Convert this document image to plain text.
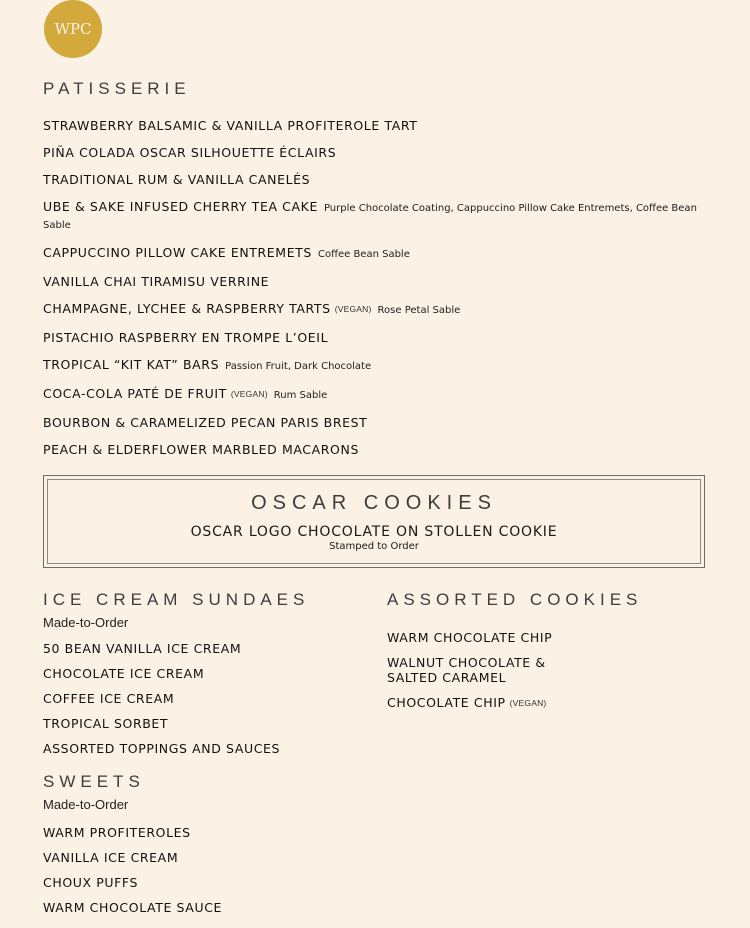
WPC
PATISSERIE
STRAWBERRY BALSAMIC & VANILLA PROFITEROLE TART
PIÑA COLADA OSCAR SILHOUETTE ÉCLAIRS
TRADITIONAL RUM & VANILLA CANELÉS
UBE & SAKE INFUSED CHERRY TEA CAKE Purple Chocolate Coating, Cappuccino Pillow Cake Entremets, Coffee Bean Sable
CAPPUCCINO PILLOW CAKE ENTREMETS Coffee Bean Sable
VANILLA CHAI TIRAMISU VERRINE
CHAMPAGNE, LYCHEE & RASPBERRY TARTS (VEGAN) Rose Petal Sable
PISTACHIO RASPBERRY EN TROMPE L’OEIL
TROPICAL “KIT KAT” BARS Passion Fruit, Dark Chocolate
COCA-COLA PATÉ DE FRUIT (VEGAN) Rum Sable
BOURBON & CARAMELIZED PECAN PARIS BREST
PEACH & ELDERFLOWER MARBLED MACARONS
OSCAR COOKIES
OSCAR LOGO CHOCOLATE ON STOLLEN COOKIE
Stamped to Order
ICE CREAM SUNDAES
Made-to-Order
50 BEAN VANILLA ICE CREAM
CHOCOLATE ICE CREAM
COFFEE ICE CREAM
TROPICAL SORBET
ASSORTED TOPPINGS AND SAUCES
SWEETS
Made-to-Order
WARM PROFITEROLES
VANILLA ICE CREAM
CHOUX PUFFS
WARM CHOCOLATE SAUCE
ASSORTED COOKIES
WARM CHOCOLATE CHIP
WALNUT CHOCOLATE & SALTED CARAMEL
CHOCOLATE CHIP (VEGAN)
